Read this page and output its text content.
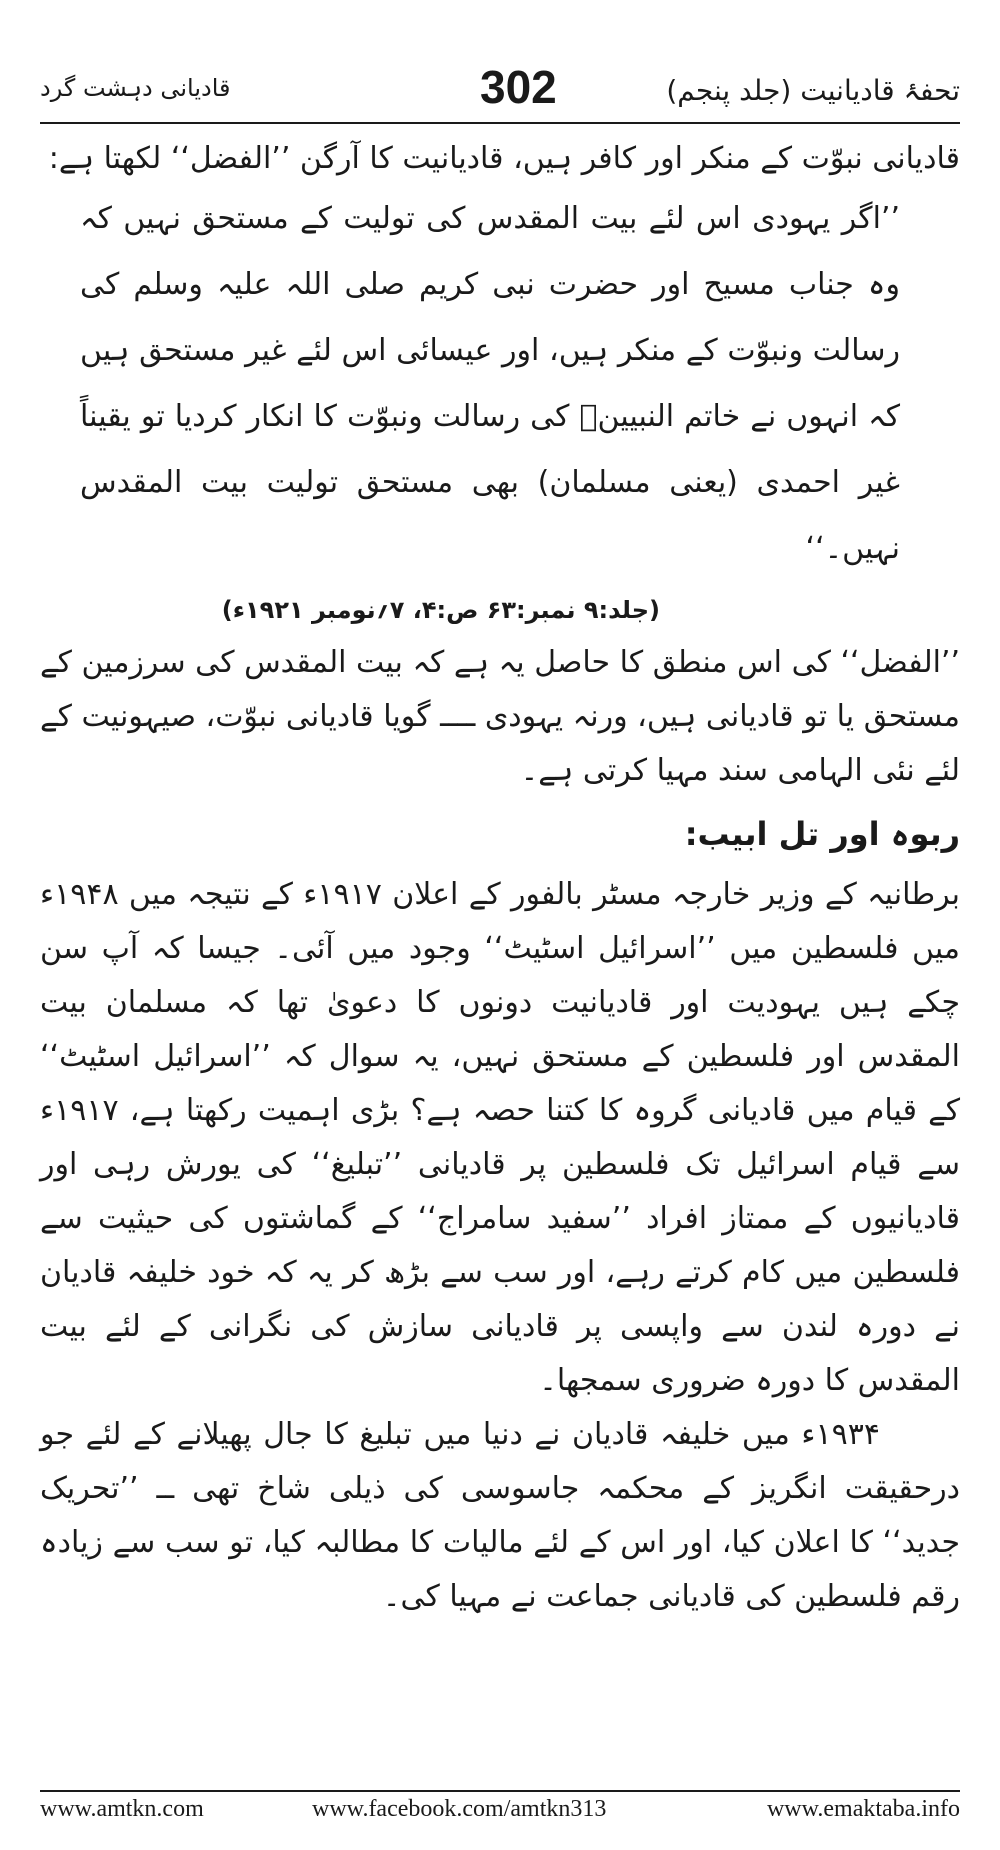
تحفۂ قادیانیت (جلد پنجم)
302
قادیانی دہشت گرد

قادیانی نبوّت کے منکر اور کافر ہیں، قادیانیت کا آرگن ’’الفضل‘‘ لکھتا ہے:

’’اگر یہودی اس لئے بیت المقدس کی تولیت کے مستحق نہیں کہ وہ جناب مسیح اور حضرت نبی کریم صلی اللہ علیہ وسلم کی رسالت ونبوّت کے منکر ہیں، اور عیسائی اس لئے غیر مستحق ہیں کہ انہوں نے خاتم النبیینؐ کی رسالت ونبوّت کا انکار کردیا تو یقیناً غیر احمدی (یعنی مسلمان) بھی مستحق تولیت بیت المقدس نہیں۔‘‘

(جلد:۹ نمبر:۶۳ ص:۴، ۷؍نومبر ۱۹۲۱ء)

’’الفضل‘‘ کی اس منطق کا حاصل یہ ہے کہ بیت المقدس کی سرزمین کے مستحق یا تو قادیانی ہیں، ورنہ یہودی ــــ گویا قادیانی نبوّت، صیہونیت کے لئے نئی الہامی سند مہیا کرتی ہے۔

ربوہ اور تل ابیب:

برطانیہ کے وزیر خارجہ مسٹر بالفور کے اعلان ۱۹۱۷ء کے نتیجہ میں ۱۹۴۸ء میں فلسطین میں ’’اسرائیل اسٹیٹ‘‘ وجود میں آئی۔ جیسا کہ آپ سن چکے ہیں یہودیت اور قادیانیت دونوں کا دعویٰ تھا کہ مسلمان بیت المقدس اور فلسطین کے مستحق نہیں، یہ سوال کہ ’’اسرائیل اسٹیٹ‘‘ کے قیام میں قادیانی گروہ کا کتنا حصہ ہے؟ بڑی اہمیت رکھتا ہے، ۱۹۱۷ء سے قیام اسرائیل تک فلسطین پر قادیانی ’’تبلیغ‘‘ کی یورش رہی اور قادیانیوں کے ممتاز افراد ’’سفید سامراج‘‘ کے گماشتوں کی حیثیت سے فلسطین میں کام کرتے رہے، اور سب سے بڑھ کر یہ کہ خود خلیفہ قادیان نے دورہ لندن سے واپسی پر قادیانی سازش کی نگرانی کے لئے بیت المقدس کا دورہ ضروری سمجھا۔

۱۹۳۴ء میں خلیفہ قادیان نے دنیا میں تبلیغ کا جال پھیلانے کے لئے جو درحقیقت انگریز کے محکمہ جاسوسی کی ذیلی شاخ تھی ــ ’’تحریک جدید‘‘ کا اعلان کیا، اور اس کے لئے مالیات کا مطالبہ کیا، تو سب سے زیادہ رقم فلسطین کی قادیانی جماعت نے مہیا کی۔

www.amtkn.com	www.facebook.com/amtkn313	www.emaktaba.info
